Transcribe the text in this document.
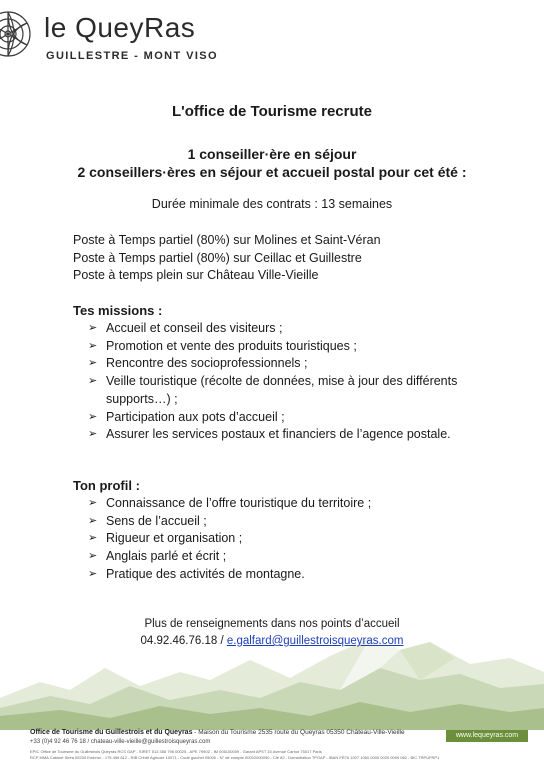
le QueyRas
GUILLESTRE - MONT VISO
L'office de Tourisme recrute
1 conseiller·ère en séjour
2 conseillers·ères en séjour et accueil postal pour cet été :
Durée minimale des contrats : 13 semaines
Poste à Temps partiel (80%) sur Molines et Saint-Véran
Poste à Temps partiel (80%) sur Ceillac et Guillestre
Poste à temps plein sur Château Ville-Vieille
Tes missions :
➢ Accueil et conseil des visiteurs ;
➢ Promotion et vente des produits touristiques ;
➢ Rencontre des socioprofessionnels ;
➢ Veille touristique (récolte de données, mise à jour des différents supports…) ;
➢ Participation aux pots d’accueil ;
➢ Assurer les services postaux et financiers de l’agence postale.
Ton profil :
➢ Connaissance de l’offre touristique du territoire ;
➢ Sens de l’accueil ;
➢ Rigueur et organisation ;
➢ Anglais parlé et écrit ;
➢ Pratique des activités de montagne.
Plus de renseignements dans nos points d’accueil
04.92.46.76.18 / e.galfard@guillestroisqueyras.com
Office de Tourisme du Guillestrois et du Queyras - Maison du Tourisme 2535 route du Queyras 05350 Château-Ville-Vieille
+33 (0)4 92 46 76 18 / chateau-ville-vieille@guillestroisqueyras.com
EPIC Office de Tourisme du Guillestrois Queyras RCS GAP - SIRET 513 358 796 00025 - APE 7990Z - IM 005100009 - Garant APST 15 Avenue Carnot 75017 Paris
RCP MMA Cabinet Siréa 05200 Embrun - 175 496 812 - RIB Crédit Agricole 10071 - Code guichet 05000 - N° de compte 00002000090 - Clé 82 - Domiciliation TPGAP - IBAN FR76 1007 1050 0000 0020 0009 082 - BIC TRPUFRP1
www.lequeyras.com
